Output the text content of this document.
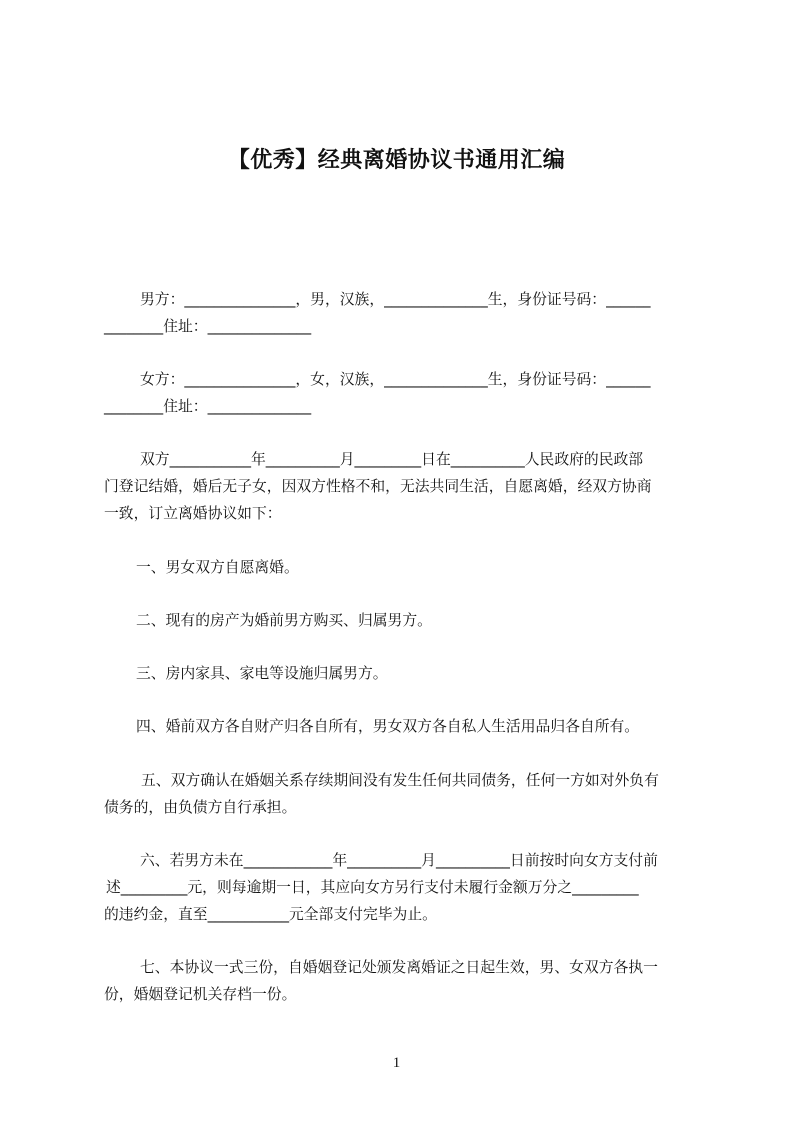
【优秀】经典离婚协议书通用汇编
男方：_______________，男，汉族，______________生，身份证号码：______
________住址：______________
女方：_______________，女，汉族，______________生，身份证号码：______
________住址：______________
双方___________年__________月_________日在__________人民政府的民政部
门登记结婚，婚后无子女，因双方性格不和，无法共同生活，自愿离婚，经双方协商
一致，订立离婚协议如下：
一、男女双方自愿离婚。
二、现有的房产为婚前男方购买、归属男方。
三、房内家具、家电等设施归属男方。
四、婚前双方各自财产归各自所有，男女双方各自私人生活用品归各自所有。
五、双方确认在婚姻关系存续期间没有发生任何共同债务，任何一方如对外负有
债务的，由负债方自行承担。
六、若男方未在____________年__________月__________日前按时向女方支付前
述_________元，则每逾期一日，其应向女方另行支付未履行金额万分之_________
的违约金，直至___________元全部支付完毕为止。
七、本协议一式三份，自婚姻登记处颁发离婚证之日起生效，男、女双方各执一
份，婚姻登记机关存档一份。
1
